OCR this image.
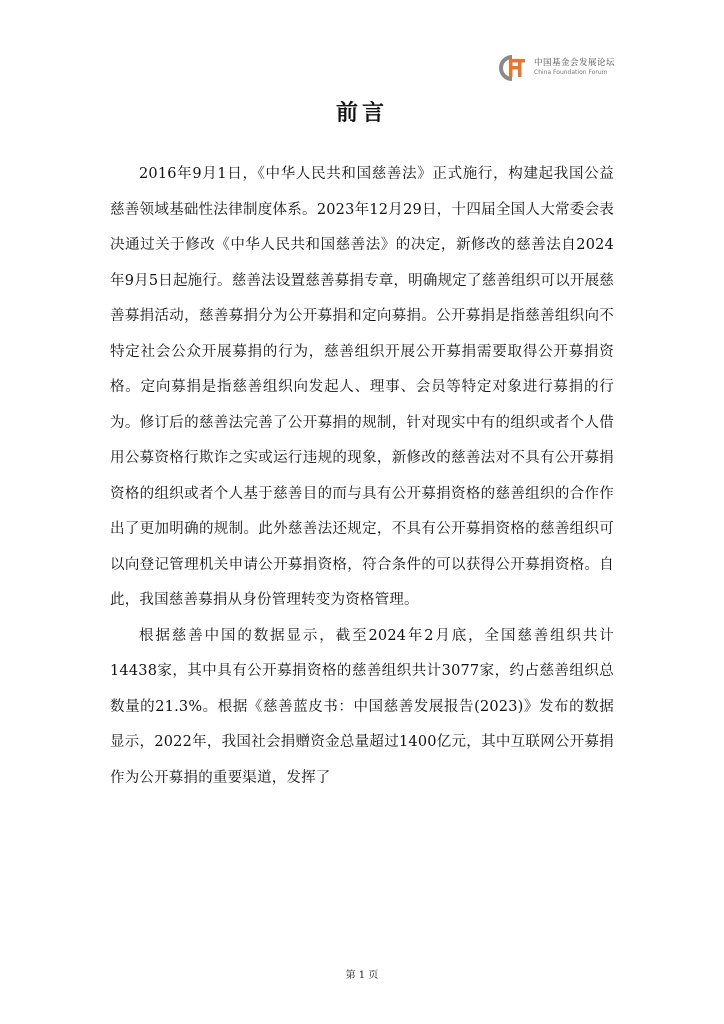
中国基金会发展论坛
China Foundation Forum
前言

2016年9月1日，《中华人民共和国慈善法》正式施行，构建起我国公益慈善领域基础性法律制度体系。2023年12月29日，十四届全国人大常委会表决通过关于修改《中华人民共和国慈善法》的决定，新修改的慈善法自2024年9月5日起施行。慈善法设置慈善募捐专章，明确规定了慈善组织可以开展慈善募捐活动，慈善募捐分为公开募捐和定向募捐。公开募捐是指慈善组织向不特定社会公众开展募捐的行为，慈善组织开展公开募捐需要取得公开募捐资格。定向募捐是指慈善组织向发起人、理事、会员等特定对象进行募捐的行为。修订后的慈善法完善了公开募捐的规制，针对现实中有的组织或者个人借用公募资格行欺诈之实或运行违规的现象，新修改的慈善法对不具有公开募捐资格的组织或者个人基于慈善目的而与具有公开募捐资格的慈善组织的合作作出了更加明确的规制。此外慈善法还规定，不具有公开募捐资格的慈善组织可以向登记管理机关申请公开募捐资格，符合条件的可以获得公开募捐资格。自此，我国慈善募捐从身份管理转变为资格管理。

根据慈善中国的数据显示，截至2024年2月底，全国慈善组织共计14438家，其中具有公开募捐资格的慈善组织共计3077家，约占慈善组织总数量的21.3%。根据《慈善蓝皮书：中国慈善发展报告(2023)》发布的数据显示，2022年，我国社会捐赠资金总量超过1400亿元，其中互联网公开募捐作为公开募捐的重要渠道，发挥了

第 1 页
